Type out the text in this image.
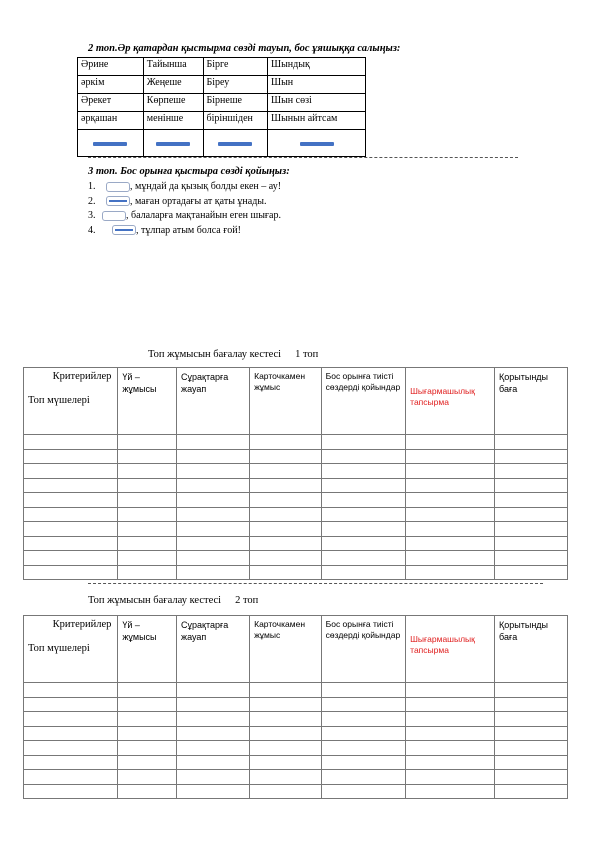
2 топ.Әр қатардан қыстырма сөзді тауып, бос ұяшыққа салыңыз:
Әрине	Тайынша	Бірге	Шындық
әркім	Жеңеше	Біреу	Шын
Әрекет	Көрпеше	Бірнеше	Шын сөзі
әрқашан	менінше	біріншіден	Шынын айтсам

3 топ. Бос орынға қыстыра сөзді қойыңыз:
1.	, мұндай да қызық болды екен – ау!
2.	, маған ортадағы ат қаты ұнады.
3.	, балаларға мақтанайын еген шығар.
4.	, тұлпар атым болса ғой!
Топ жұмысын бағалау кестесі 1 топ
Критерийлер
Топ мүшелері	Үй – жұмысы	Сұрақтарға жауап	Карточкамен жұмыс	Бос орынға тиісті сөздерді қойындар	Шығармашылық тапсырма	Қорытынды баға

Топ жұмысын бағалау кестесі 2 топ
Критерийлер
Топ мүшелері	Үй – жұмысы	Сұрақтарға жауап	Карточкамен жұмыс	Бос орынға тиісті сөздерді қойындар	Шығармашылық тапсырма	Қорытынды баға
